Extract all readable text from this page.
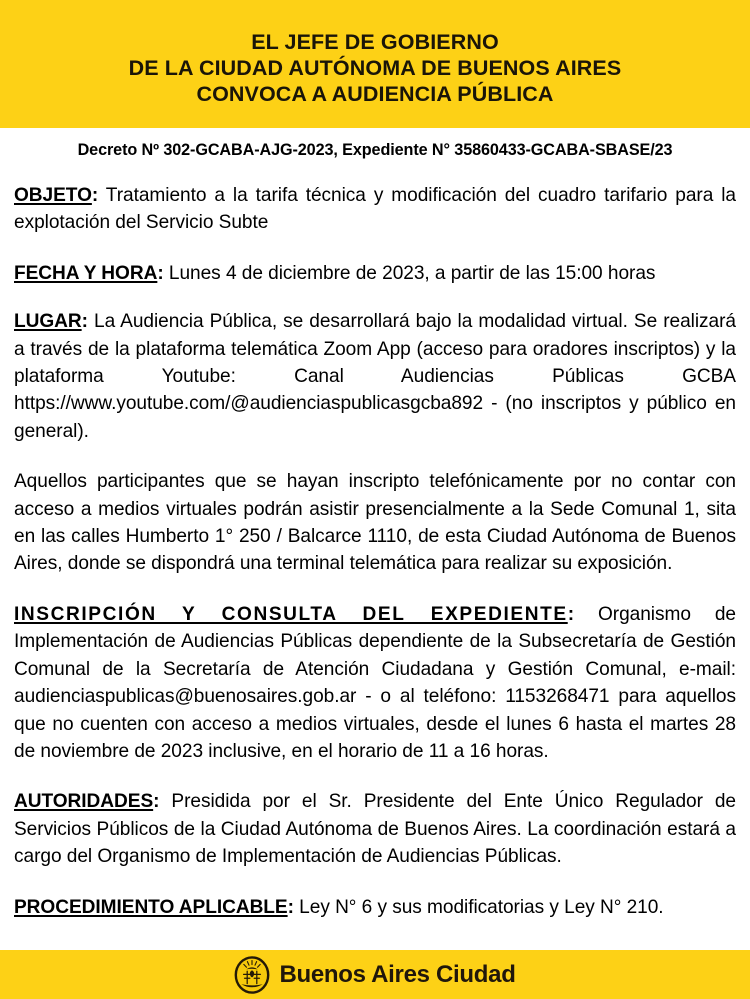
EL JEFE DE GOBIERNO
DE LA CIUDAD AUTÓNOMA DE BUENOS AIRES
CONVOCA A AUDIENCIA PÚBLICA
Decreto Nº 302-GCABA-AJG-2023, Expediente N° 35860433-GCABA-SBASE/23

OBJETO: Tratamiento a la tarifa técnica y modificación del cuadro tarifario para la explotación del Servicio Subte

FECHA Y HORA: Lunes 4 de diciembre de 2023, a partir de las 15:00 horas

LUGAR: La Audiencia Pública, se desarrollará bajo la modalidad virtual. Se realizará a través de la plataforma telemática Zoom App (acceso para oradores inscriptos) y la plataforma Youtube: Canal Audiencias Públicas GCBA https://www.youtube.com/@audienciaspublicasgcba892 - (no inscriptos y público en general).

Aquellos participantes que se hayan inscripto telefónicamente por no contar con acceso a medios virtuales podrán asistir presencialmente a la Sede Comunal 1, sita en las calles Humberto 1° 250 / Balcarce 1110, de esta Ciudad Autónoma de Buenos Aires, donde se dispondrá una terminal telemática para realizar su exposición.

INSCRIPCIÓN Y CONSULTA DEL EXPEDIENTE: Organismo de Implementación de Audiencias Públicas dependiente de la Subsecretaría de Gestión Comunal de la Secretaría de Atención Ciudadana y Gestión Comunal, e-mail: audienciaspublicas@buenosaires.gob.ar - o al teléfono: 1153268471 para aquellos que no cuenten con acceso a medios virtuales, desde el lunes 6 hasta el martes 28 de noviembre de 2023 inclusive, en el horario de 11 a 16 horas.

AUTORIDADES: Presidida por el Sr. Presidente del Ente Único Regulador de Servicios Públicos de la Ciudad Autónoma de Buenos Aires. La coordinación estará a cargo del Organismo de Implementación de Audiencias Públicas.

PROCEDIMIENTO APLICABLE: Ley N° 6 y sus modificatorias y Ley N° 210.

Buenos Aires Ciudad
